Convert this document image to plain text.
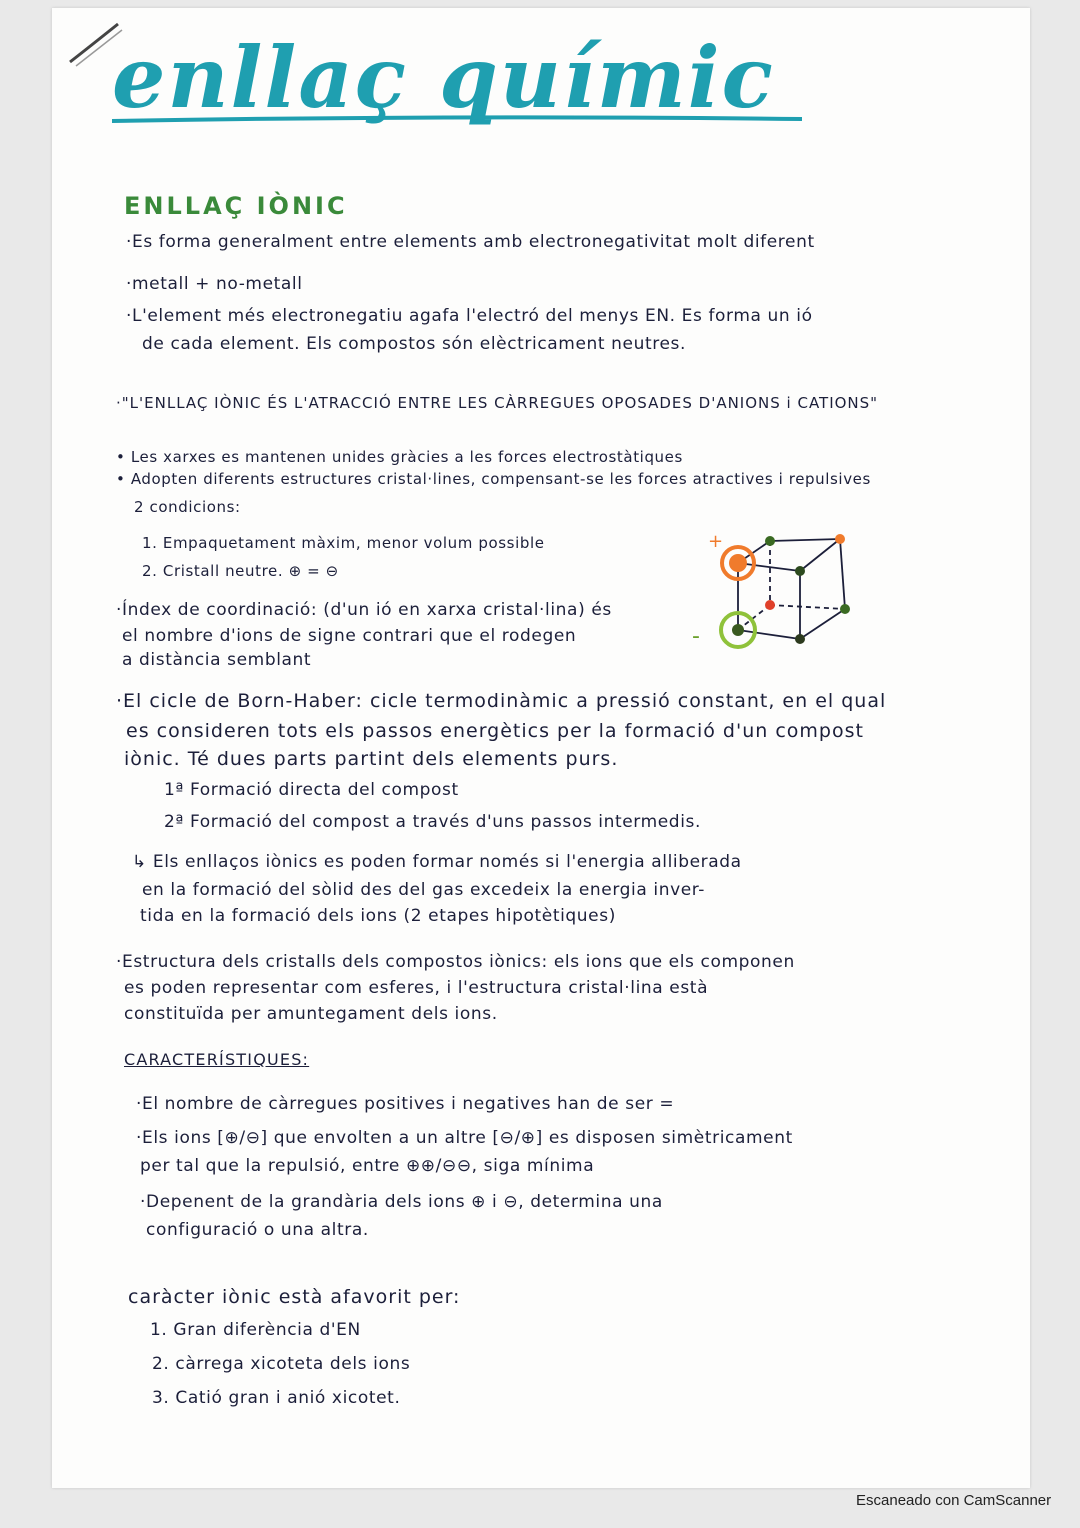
enllaç químic
ENLLAÇ IÒNIC
·Es forma generalment entre elements amb electronegativitat molt diferent
·metall + no-metall
·L'element més electronegatiu agafa l'electró del menys EN. Es forma un ió
de cada element. Els compostos són elèctricament neutres.
·"L'ENLLAÇ IÒNIC ÉS L'ATRACCIÓ ENTRE LES CÀRREGUES OPOSADES D'ANIONS i CATIONS"
• Les xarxes es mantenen unides gràcies a les forces electrostàtiques
• Adopten diferents estructures cristal·lines, compensant-se les forces atractives i repulsives
2 condicions:
1. Empaquetament màxim, menor volum possible
2. Cristall neutre. ⊕ = ⊖
·Índex de coordinació: (d'un ió en xarxa cristal·lina) és
el nombre d'ions de signe contrari que el rodegen
a distància semblant
+
-
·El cicle de Born-Haber: cicle termodinàmic a pressió constant, en el qual
es consideren tots els passos energètics per la formació d'un compost
iònic. Té dues parts partint dels elements purs.
1ª Formació directa del compost
2ª Formació del compost a través d'uns passos intermedis.
↳ Els enllaços iònics es poden formar només si l'energia alliberada
en la formació del sòlid des del gas excedeix la energia inver-
tida en la formació dels ions (2 etapes hipotètiques)
·Estructura dels cristalls dels compostos iònics: els ions que els componen
es poden representar com esferes, i l'estructura cristal·lina està
constituïda per amuntegament dels ions.
CARACTERÍSTIQUES:
·El nombre de càrregues positives i negatives han de ser =
·Els ions [⊕/⊖] que envolten a un altre [⊖/⊕] es disposen simètricament
per tal que la repulsió, entre ⊕⊕/⊖⊖, siga mínima
·Depenent de la grandària dels ions ⊕ i ⊖, determina una
configuració o una altra.
caràcter iònic està afavorit per:
1. Gran diferència d'EN
2. càrrega xicoteta dels ions
3. Catió gran i anió xicotet.
Escaneado con CamScanner
